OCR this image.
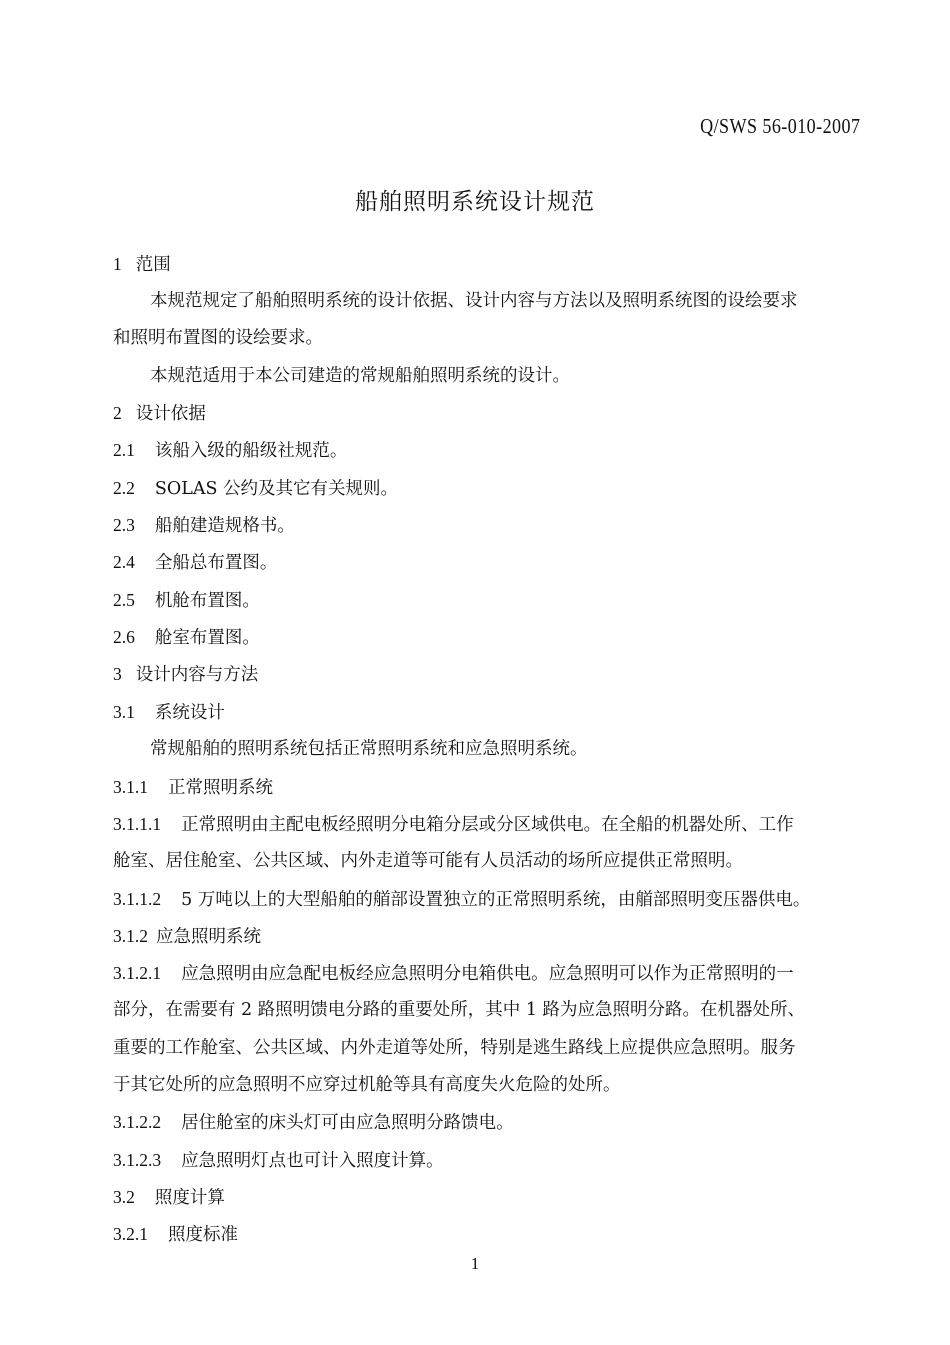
Q/SWS 56-010-2007
船舶照明系统设计规范
1 范围
本规范规定了船舶照明系统的设计依据、设计内容与方法以及照明系统图的设绘要求
和照明布置图的设绘要求。
本规范适用于本公司建造的常规船舶照明系统的设计。
2 设计依据
2.1 该船入级的船级社规范。
2.2 SOLAS 公约及其它有关规则。
2.3 船舶建造规格书。
2.4 全船总布置图。
2.5 机舱布置图。
2.6 舱室布置图。
3 设计内容与方法
3.1 系统设计
常规船舶的照明系统包括正常照明系统和应急照明系统。
3.1.1 正常照明系统
3.1.1.1 正常照明由主配电板经照明分电箱分层或分区域供电。在全船的机器处所、工作
舱室、居住舱室、公共区域、内外走道等可能有人员活动的场所应提供正常照明。
3.1.1.2 5 万吨以上的大型船舶的艏部设置独立的正常照明系统，由艏部照明变压器供电。
3.1.2 应急照明系统
3.1.2.1 应急照明由应急配电板经应急照明分电箱供电。应急照明可以作为正常照明的一
部分，在需要有 2 路照明馈电分路的重要处所，其中 1 路为应急照明分路。在机器处所、
重要的工作舱室、公共区域、内外走道等处所，特别是逃生路线上应提供应急照明。服务
于其它处所的应急照明不应穿过机舱等具有高度失火危险的处所。
3.1.2.2 居住舱室的床头灯可由应急照明分路馈电。
3.1.2.3 应急照明灯点也可计入照度计算。
3.2 照度计算
3.2.1 照度标准
1
